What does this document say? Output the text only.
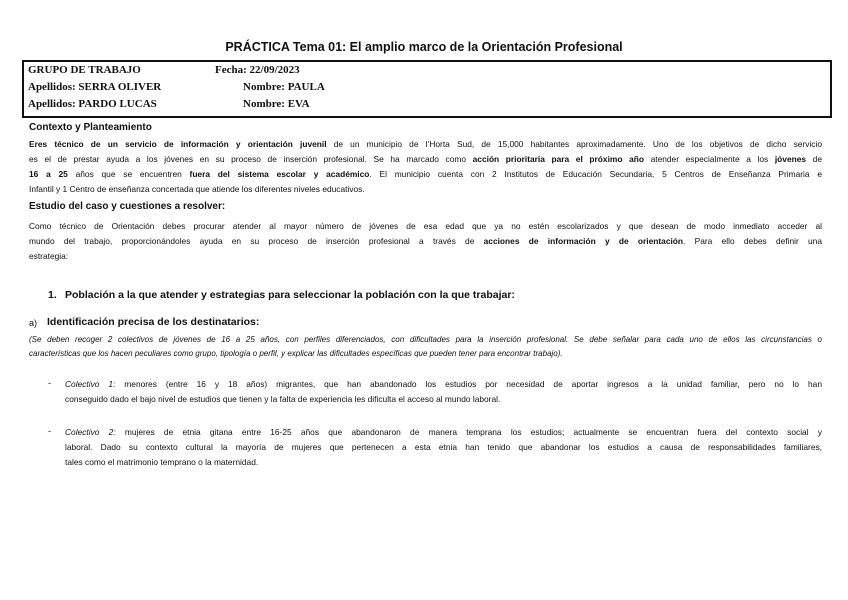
PRÁCTICA Tema 01: El amplio marco de la Orientación Profesional
GRUPO DE TRABAJO	Fecha: 22/09/2023
Apellidos: SERRA OLIVER	Nombre: PAULA
Apellidos: PARDO LUCAS	Nombre: EVA
Contexto y Planteamiento
Eres técnico de un servicio de información y orientación juvenil de un municipio de l’Horta Sud, de 15,000 habitantes aproximadamente. Uno de los objetivos de dicho servicio
es el de prestar ayuda a los jóvenes en su proceso de inserción profesional. Se ha marcado como acción prioritaria para el próximo año atender especialmente a los jóvenes de
16 a 25 años que se encuentren fuera del sistema escolar y académico. El municipio cuenta con 2 Institutos de Educación Secundaria, 5 Centros de Enseñanza Primaria e
Infantil y 1 Centro de enseñanza concertada que atiende los diferentes niveles educativos.
Estudio del caso y cuestiones a resolver:
Como técnico de Orientación debes procurar atender al mayor número de jóvenes de esa edad que ya no estén escolarizados y que desean de modo inmediato acceder al
mundo del trabajo, proporcionándoles ayuda en su proceso de inserción profesional a través de acciones de información y de orientación. Para ello debes definir una
estrategia:
1. Población a la que atender y estrategias para seleccionar la población con la que trabajar:
a) Identificación precisa de los destinatarios:
(Se deben recoger 2 colectivos de jóvenes de 16 a 25 años, con perfiles diferenciados, con dificultades para la inserción profesional. Se debe señalar para cada uno de ellos las circunstancias o
características que los hacen peculiares como grupo, tipología o perfil, y explicar las dificultades específicas que pueden tener para encontrar trabajo).
- Colectivo 1: menores (entre 16 y 18 años) migrantes, que han abandonado los estudios por necesidad de aportar ingresos a la unidad familiar, pero no lo han
conseguido dado el bajo nivel de estudios que tienen y la falta de experiencia les dificulta el acceso al mundo laboral.
- Colectivo 2: mujeres de etnia gitana entre 16-25 años que abandonaron de manera temprana los estudios; actualmente se encuentran fuera del contexto social y
laboral. Dado su contexto cultural la mayoría de mujeres que pertenecen a esta etnia han tenido que abandonar los estudios a causa de responsabilidades familiares,
tales como el matrimonio temprano o la maternidad.
